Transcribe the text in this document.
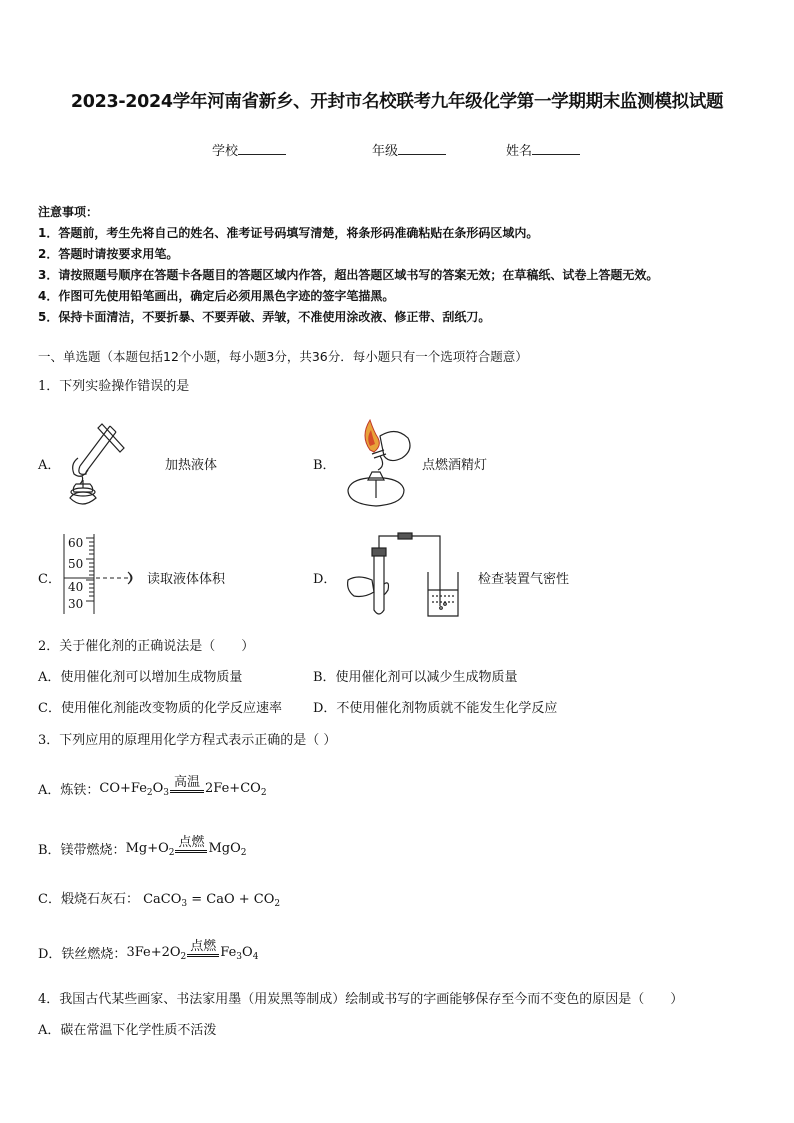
2023-2024学年河南省新乡、开封市名校联考九年级化学第一学期期末监测模拟试题
学校	年级	姓名
注意事项：
1．答题前，考生先将自己的姓名、准考证号码填写清楚，将条形码准确粘贴在条形码区域内。
2．答题时请按要求用笔。
3．请按照题号顺序在答题卡各题目的答题区域内作答，超出答题区域书写的答案无效；在草稿纸、试卷上答题无效。
4．作图可先使用铅笔画出，确定后必须用黑色字迹的签字笔描黑。
5．保持卡面清洁，不要折暴、不要弄破、弄皱，不准使用涂改液、修正带、刮纸刀。
一、单选题（本题包括12个小题，每小题3分，共36分．每小题只有一个选项符合题意）
1．下列实验操作错误的是
A．	加热液体	B．	点燃酒精灯
C．
60
50
40
30
读取液体体积	D．	检查装置气密性
2．关于催化剂的正确说法是（　　）
A．使用催化剂可以增加生成物质量	B．使用催化剂可以减少生成物质量
C．使用催化剂能改变物质的化学反应速率 D．不使用催化剂物质就不能发生化学反应
3．下列应用的原理用化学方程式表示正确的是（ ）
A．炼铁： $CO+Fe_2O_3$
高温 $2Fe+CO_2$
B．镁带燃烧： $Mg+O_2$
点燃 MgO$_2$
C．煅烧石灰石： CaCO$_3$ = CaO + $CO_2$
D．铁丝燃烧： $3Fe+2O_2$
点燃 $Fe_3O_4$
4．我国古代某些画家、书法家用墨（用炭黑等制成）绘制或书写的字画能够保存至今而不变色的原因是（　　）
A．碳在常温下化学性质不活泼
